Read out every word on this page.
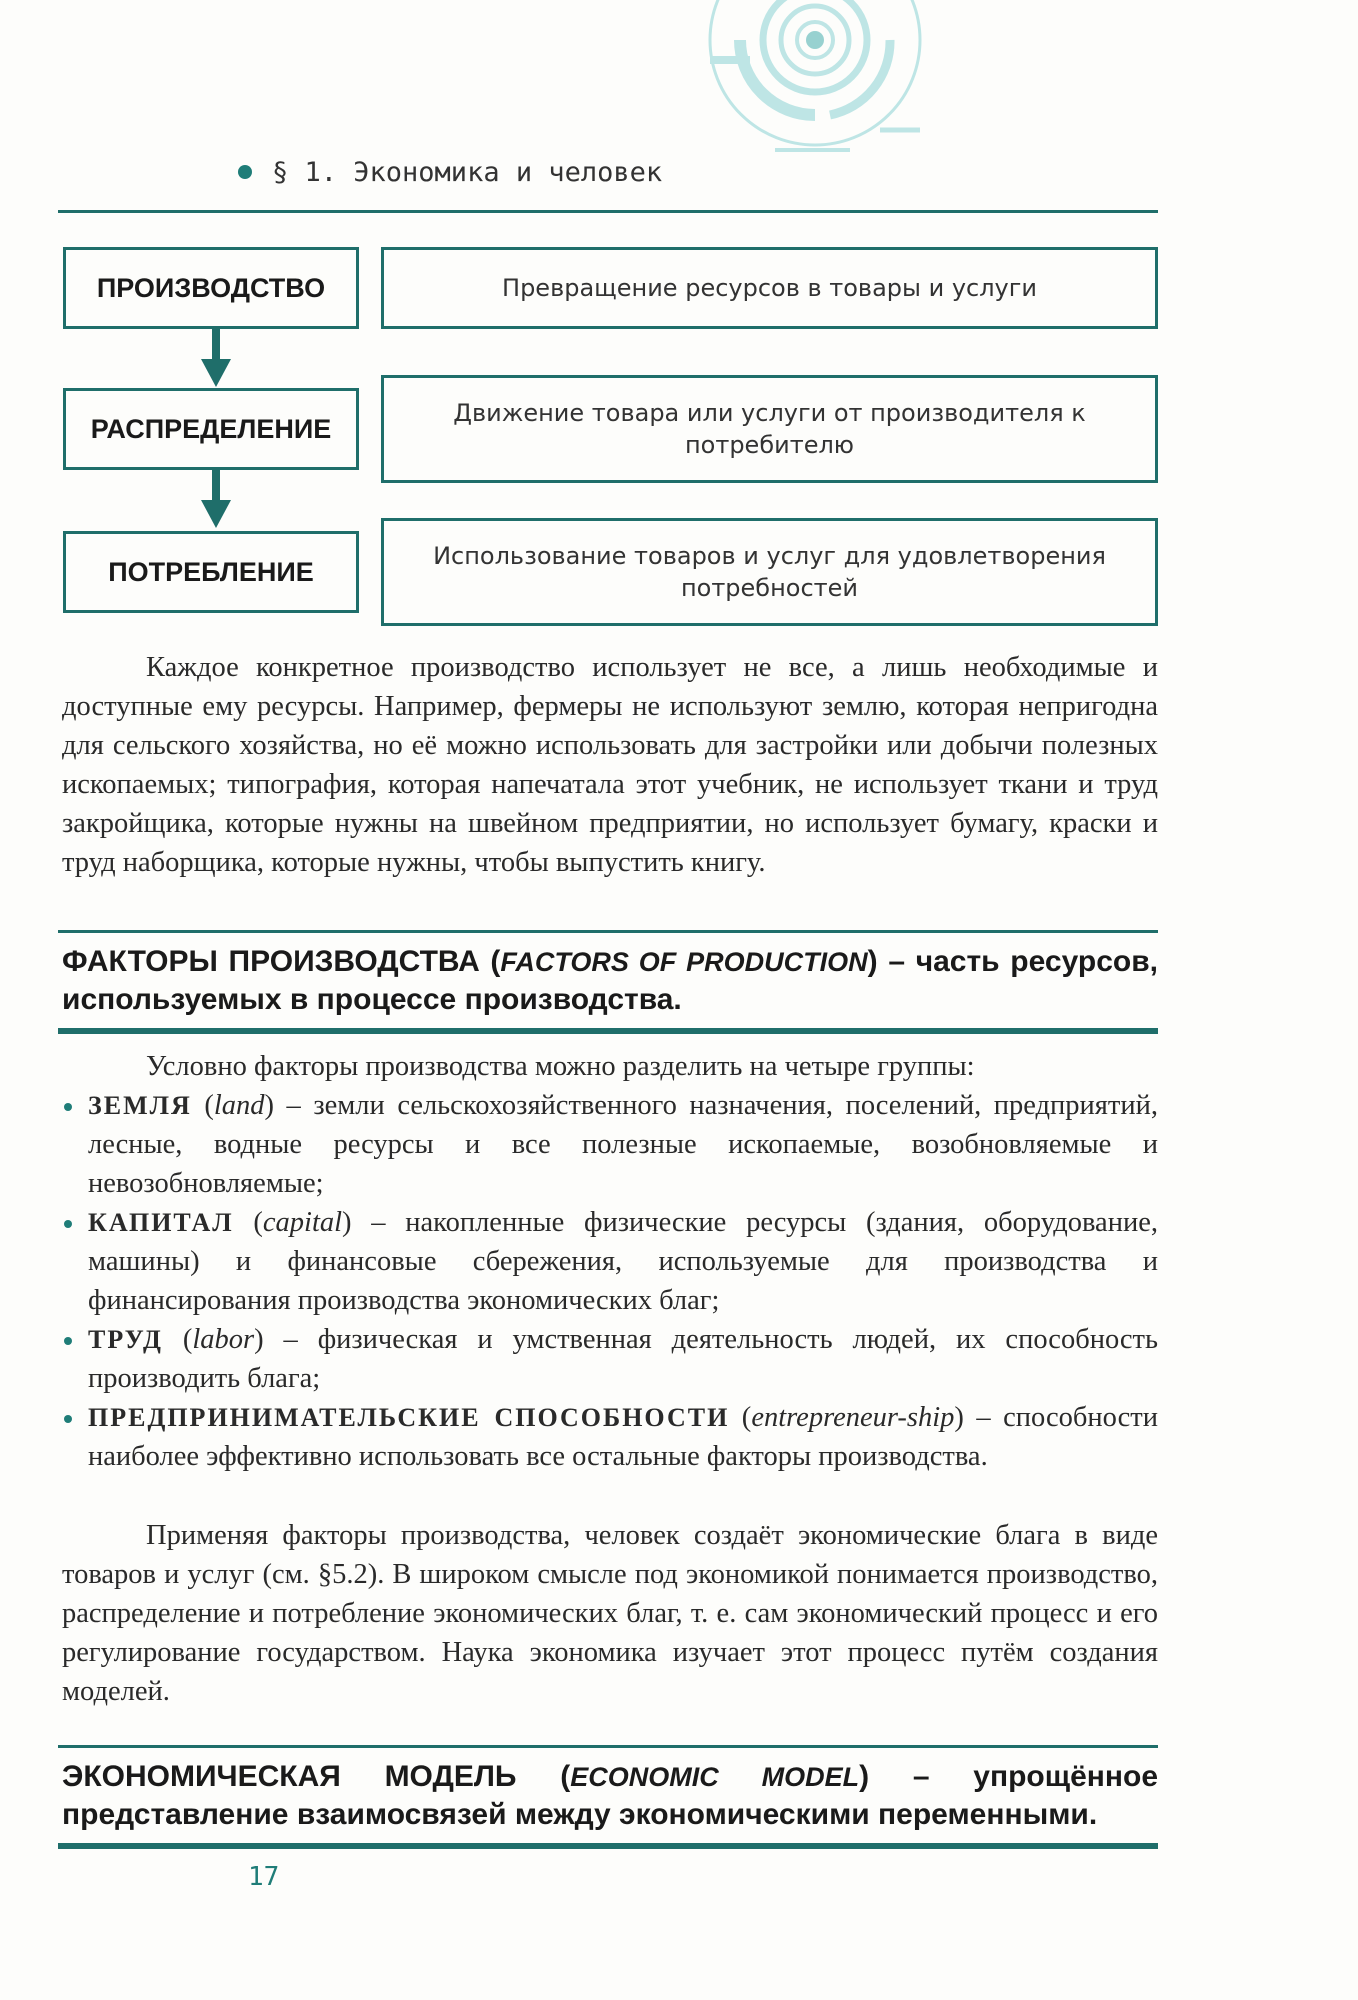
§ 1. Экономика и человек
ПРОИЗВОДСТВО	Превращение ресурсов в товары и услуги
РАСПРЕДЕЛЕНИЕ
Движение товара или услуги от производителя к потребителю
ПОТРЕБЛЕНИЕ
Использование товаров и услуг для удовлетворения потребностей

Каждое конкретное производство использует не все, а лишь необходимые и доступные ему ресурсы. Например, фермеры не используют землю, которая непригодна для сельского хозяйства, но её можно использовать для застройки или добычи полезных ископаемых; типография, которая напечатала этот учебник, не использует ткани и труд закройщика, которые нужны на швейном предприятии, но использует бумагу, краски и труд наборщика, которые нужны, чтобы выпустить книгу.

ФАКТОРЫ ПРОИЗВОДСТВА (FACTORS OF PRODUCTION) – часть ресурсов, используемых в процессе производства.

Условно факторы производства можно разделить на четыре группы:
ЗЕМЛЯ (land) – земли сельскохозяйственного назначения, поселений, предприятий, лесные, водные ресурсы и все полезные ископаемые, возобновляемые и невозобновляемые;
КАПИТАЛ (capital) – накопленные физические ресурсы (здания, оборудование, машины) и финансовые сбережения, используемые для производства и финансирования производства экономических благ;
ТРУД (labor) – физическая и умственная деятельность людей, их способность производить блага;
ПРЕДПРИНИМАТЕЛЬСКИЕ СПОСОБНОСТИ (entrepreneur-ship) – способности наиболее эффективно использовать все остальные факторы производства.

Применяя факторы производства, человек создаёт экономические блага в виде товаров и услуг (см. §5.2). В широком смысле под экономикой понимается производство, распределение и потребление экономических благ, т. е. сам экономический процесс и его регулирование государством. Наука экономика изучает этот процесс путём создания моделей.

ЭКОНОМИЧЕСКАЯ МОДЕЛЬ (ECONOMIC MODEL) – упрощённое представление взаимосвязей между экономическими переменными.

17
